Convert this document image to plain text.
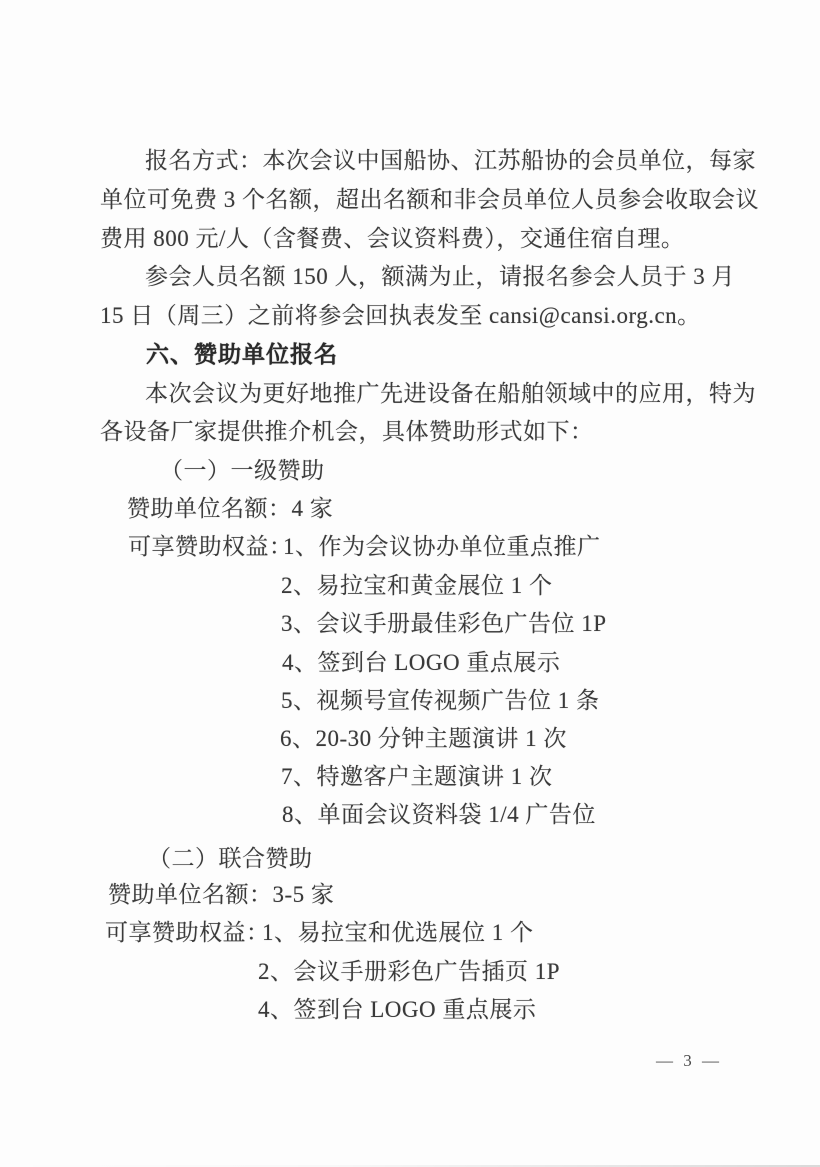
报名方式：本次会议中国船协、江苏船协的会员单位，每家
单位可免费 3 个名额，超出名额和非会员单位人员参会收取会议
费用 800 元/人（含餐费、会议资料费），交通住宿自理。
参会人员名额 150 人，额满为止，请报名参会人员于 3 月
15 日（周三）之前将参会回执表发至 cansi@cansi.org.cn。
六、赞助单位报名
本次会议为更好地推广先进设备在船舶领域中的应用，特为
各设备厂家提供推介机会，具体赞助形式如下：
（一）一级赞助
赞助单位名额：4 家
可享赞助权益：
1、作为会议协办单位重点推广
2、易拉宝和黄金展位 1 个
3、会议手册最佳彩色广告位 1P
4、签到台 LOGO 重点展示
5、视频号宣传视频广告位 1 条
6、20-30 分钟主题演讲 1 次
7、特邀客户主题演讲 1 次
8、单面会议资料袋 1/4 广告位
（二）联合赞助
赞助单位名额：3-5 家
可享赞助权益：
1、易拉宝和优选展位 1 个
2、会议手册彩色广告插页 1P
4、签到台 LOGO 重点展示
— 3 —
